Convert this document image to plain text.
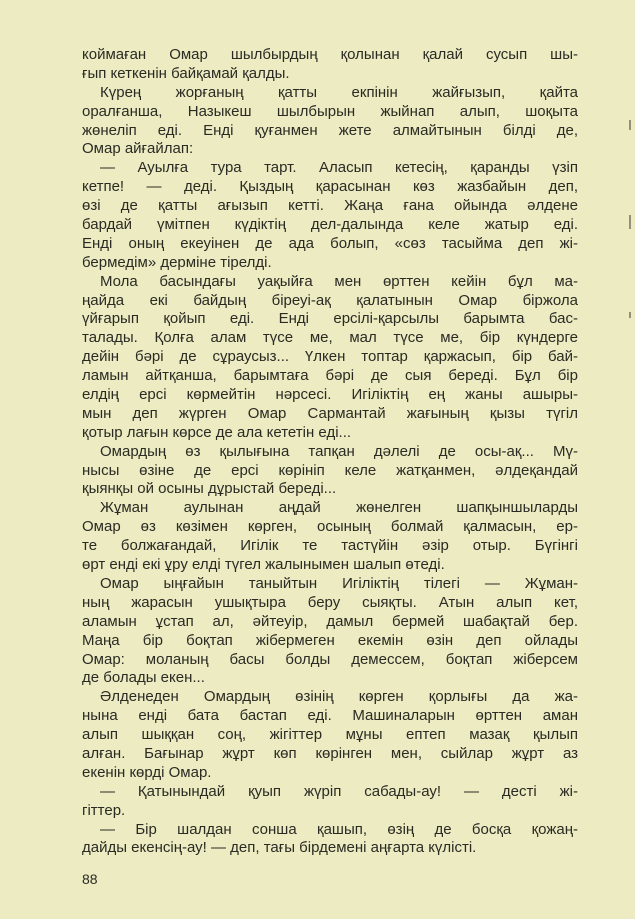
коймаған Омар шылбырдың қолынан қалай сусып шы-
ғып кеткенін байқамай қалды.
Күрең жорғаның қатты екпінін жайғызып, қайта
оралғанша, Назыкеш шылбырын жыйнап алып, шоқыта
жөнеліп еді. Енді қуғанмен жете алмайтынын білді де,
Омар айғайлап:
— Ауылға тура тарт. Аласып кетесің, қаранды үзіп
кетпе! — деді. Қыздың қарасынан көз жазбайын деп,
өзі де қатты ағызып кетті. Жаңа ғана ойында әлдене
бардай үмітпен күдіктің дел-далында келе жатыр еді.
Енді оның екеуінен де ада болып, «сөз тасыйма деп жі-
бермедім» дерміне тірелді.
Мола басындағы уақыйға мен өрттен кейін бұл ма-
ңайда екі байдың біреуі-ақ қалатынын Омар біржола
үйғарып қойып еді. Енді ерсілі-қарсылы барымта бас-
талады. Қолға алам түсе ме, мал түсе ме, бір күндерге
дейін бәрі де сұраусыз... Үлкен топтар қаржасып, бір бай-
ламын айтқанша, барымтаға бәрі де сыя береді. Бұл бір
елдің ерсі көрмейтін нәрсесі. Игіліктің ең жаны ашыры-
мын деп жүрген Омар Сармантай жағының қызы түгіл
қотыр лағын көрсе де ала кететін еді...
Омардың өз қылығына тапқан дәлелі де осы-ақ... Мү-
нысы өзіне де ерсі көрініп келе жатқанмен, әлдеқандай
қыянқы ой осыны дұрыстай береді...
Жұман аулынан аңдай жөнелген шапқыншыларды
Омар өз көзімен көрген, осының болмай қалмасын, ер-
те болжағандай, Игілік те тастүйін әзір отыр. Бүгінгі
өрт енді екі ұру елді түгел жалынымен шалып өтеді.
Омар ыңғайын таныйтын Игіліктің тілегі — Жұман-
ның жарасын ушықтыра беру сыяқты. Атын алып кет,
аламын ұстап ал, әйтеуір, дамыл бермей шабақтай бер.
Маңа бір боқтап жібермеген екемін өзін деп ойлады
Омар: моланың басы болды демессем, боқтап жіберсем
де болады екен...
Әлденеден Омардың өзінің көрген қорлығы да жа-
нына енді бата бастап еді. Машиналарын өрттен аман
алып шыққан соң, жігіттер мұны ептеп мазақ қылып
алған. Бағынар жұрт көп көрінген мен, сыйлар жұрт аз
екенін көрді Омар.
— Қатынындай қуып жүріп сабады-ау! — десті жі-
гіттер.
— Бір шалдан сонша қашып, өзің де босқа қожаң-
дайды екенсің-ау! — деп, тағы бірдемені аңғарта күлісті.
88
